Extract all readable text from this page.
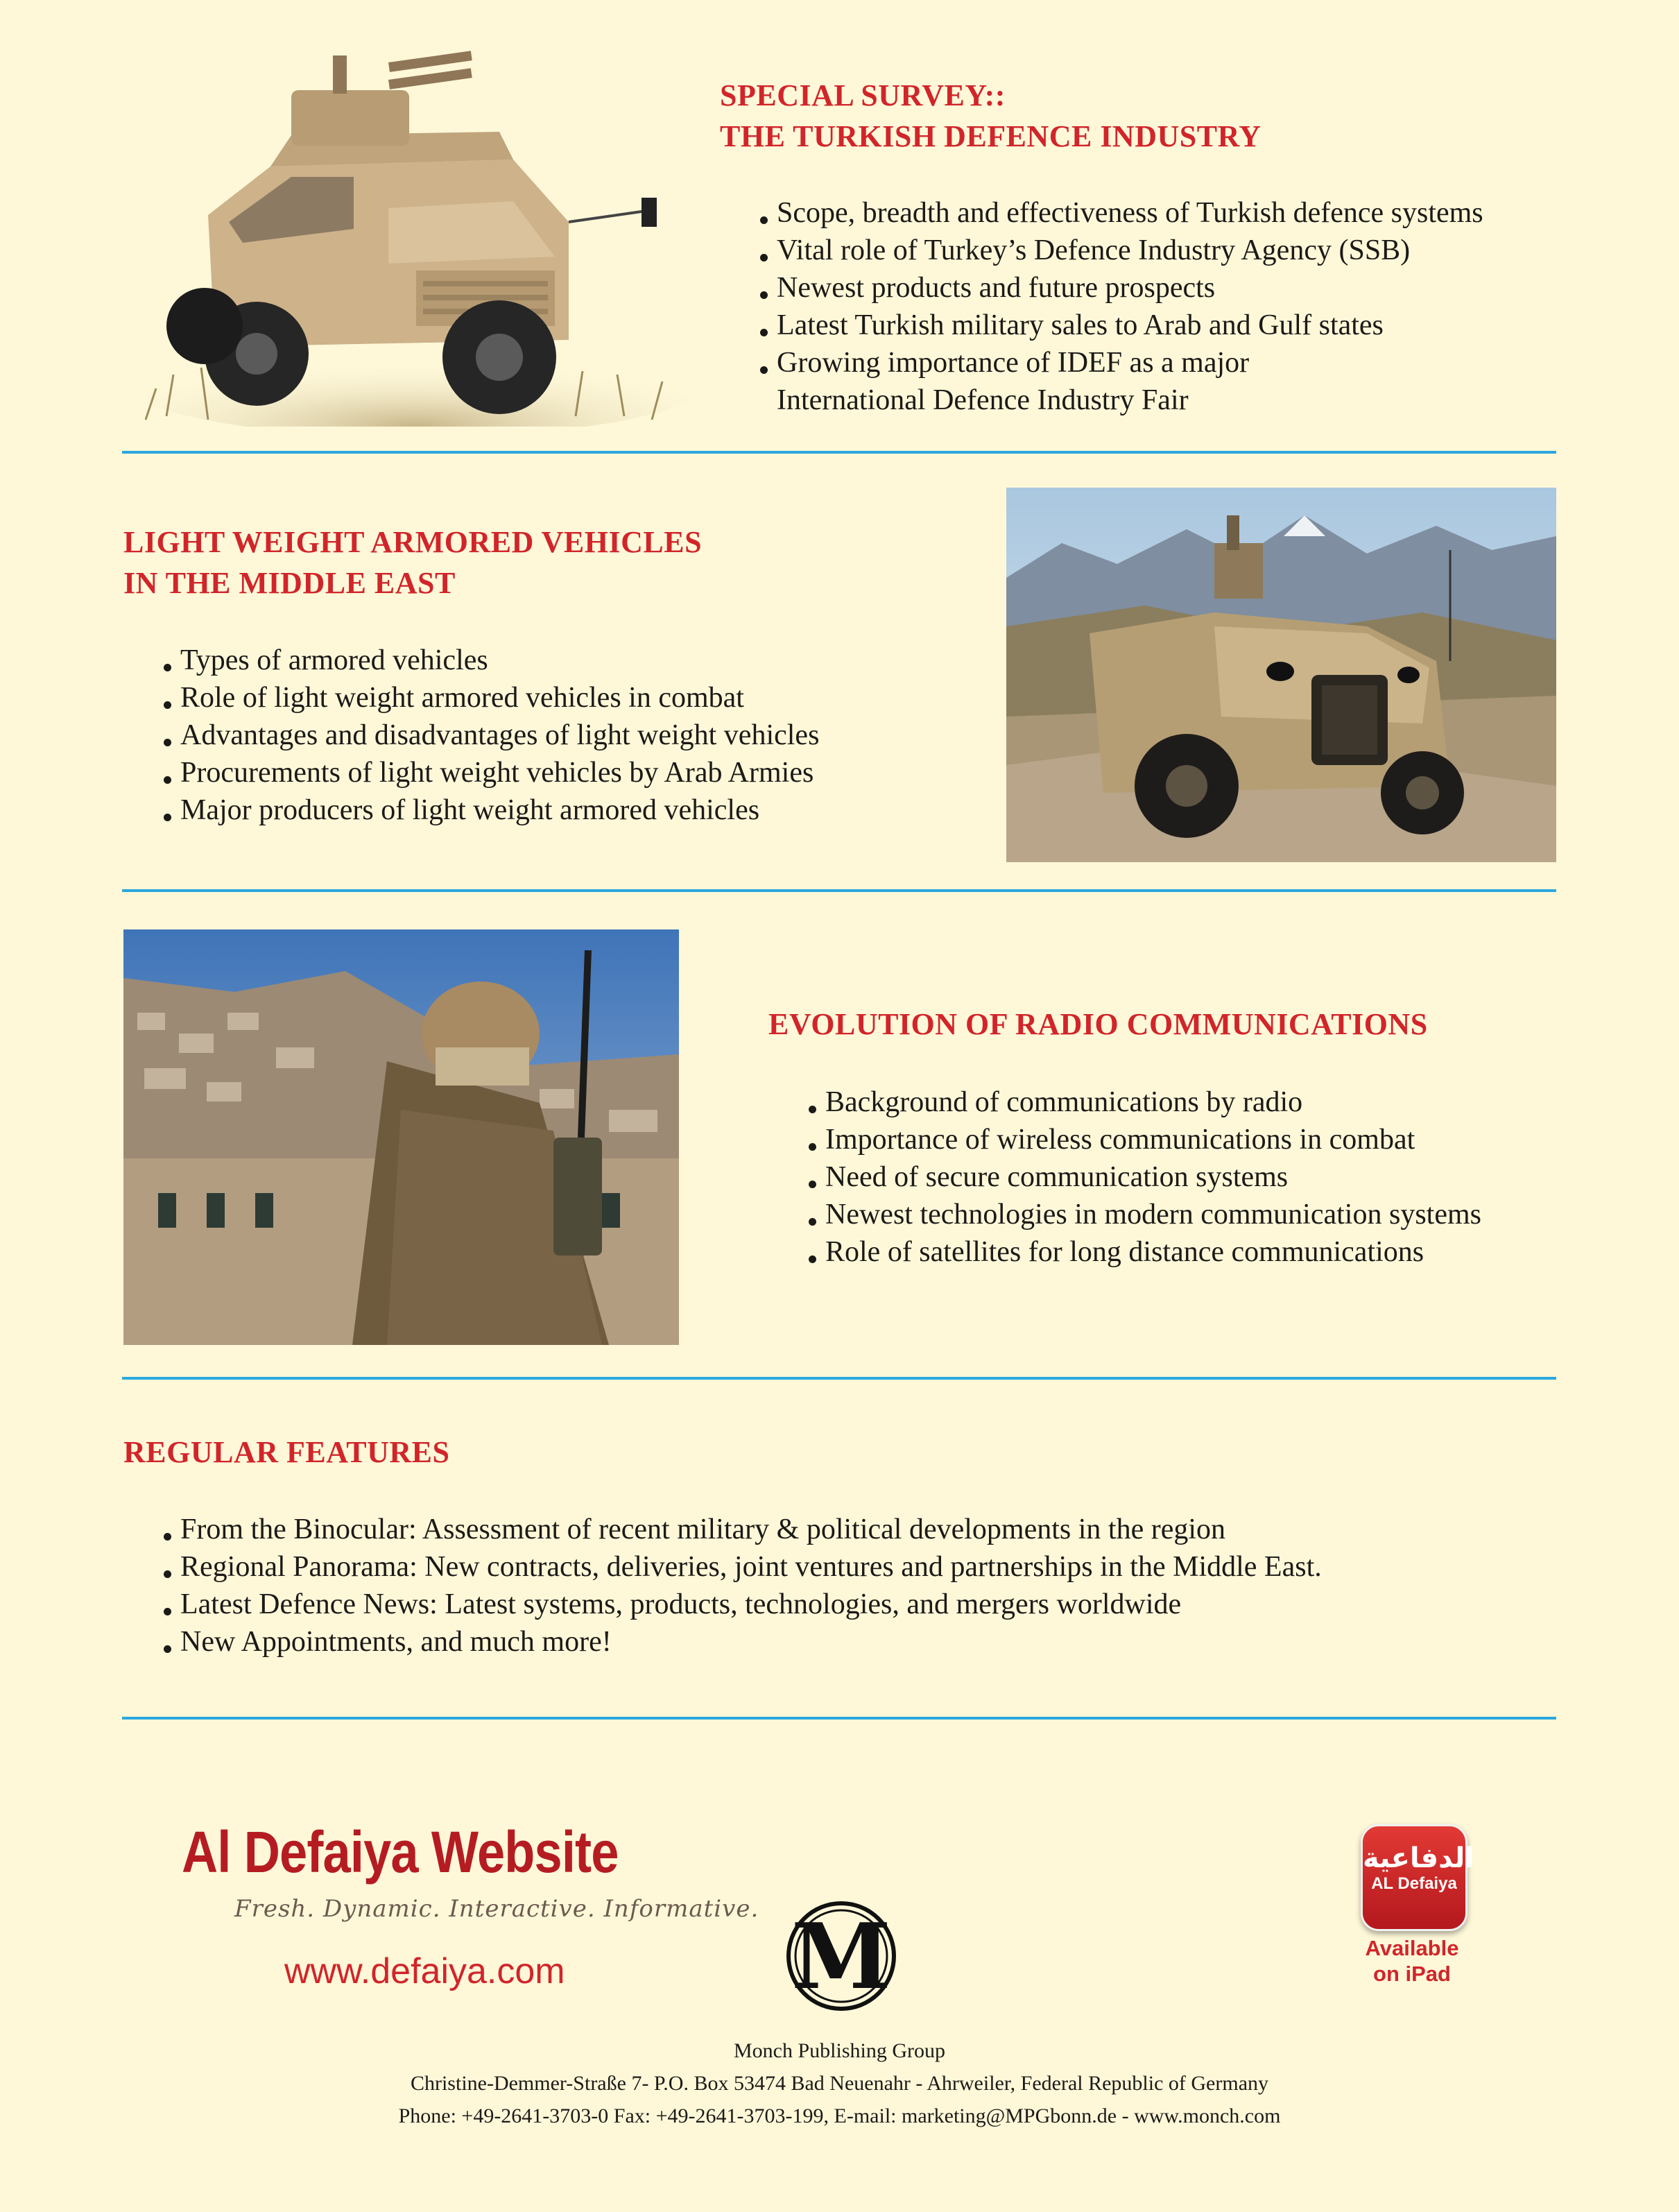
SPECIAL SURVEY::
THE TURKISH DEFENCE INDUSTRY
Scope, breadth and effectiveness of Turkish defence systems
Vital role of Turkey’s Defence Industry Agency (SSB)
Newest products and future prospects
Latest Turkish military sales to Arab and Gulf states
Growing importance of IDEF as a major
International Defence Industry Fair
LIGHT WEIGHT ARMORED VEHICLES
IN THE MIDDLE EAST
Types of armored vehicles
Role of light weight armored vehicles in combat
Advantages and disadvantages of light weight vehicles
Procurements of light weight vehicles by Arab Armies
Major producers of light weight armored vehicles
EVOLUTION OF RADIO COMMUNICATIONS
Background of communications by radio
Importance of wireless communications in combat
Need of secure communication systems
Newest technologies in modern communication systems
Role of satellites for long distance communications
REGULAR FEATURES
From the Binocular: Assessment of recent military & political developments in the region
Regional Panorama: New contracts, deliveries, joint ventures and partnerships in the Middle East.
Latest Defence News: Latest systems, products, technologies, and mergers worldwide
New Appointments, and much more!
Al Defaiya Website
Fresh. Dynamic. Interactive. Informative.
www.defaiya.com	M
الدفاعية
AL Defaiya
Available
on iPad
Monch Publishing Group
Christine-Demmer-Straße 7- P.O. Box 53474 Bad Neuenahr - Ahrweiler, Federal Republic of Germany
Phone: +49-2641-3703-0 Fax: +49-2641-3703-199, E-mail: marketing@MPGbonn.de - www.monch.com
